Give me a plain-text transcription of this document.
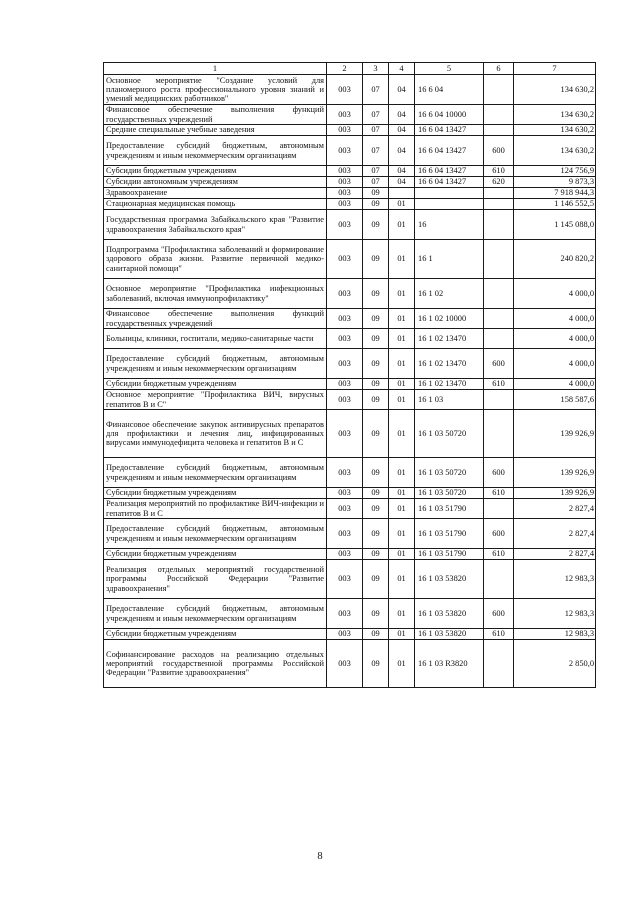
1	2	3	4	5	6	7
Основное мероприятие "Создание условий для планомерного роста профессионального уровня знаний и умений медицинских работников"	003	07	04	16 6 04		134 630,2
Финансовое обеспечение выполнения функций государственных учреждений	003	07	04	16 6 04 10000		134 630,2
Средние специальные учебные заведения	003	07	04	16 6 04 13427		134 630,2
Предоставление субсидий бюджетным, автономным учреждениям и иным некоммерческим организациям	003	07	04	16 6 04 13427	600	134 630,2
Субсидии бюджетным учреждениям	003	07	04	16 6 04 13427	610	124 756,9
Субсидии автономным учреждениям	003	07	04	16 6 04 13427	620	9 873,3
Здравоохранение	003	09				7 918 944,3
Стационарная медицинская помощь	003	09	01			1 146 552,5
Государственная программа Забайкальского края "Развитие здравоохранения Забайкальского края"	003	09	01	16		1 145 088,0
Подпрограмма "Профилактика заболеваний и формирование здорового образа жизни. Развитие первичной медико-санитарной помощи"	003	09	01	16 1		240 820,2
Основное мероприятие "Профилактика инфекционных заболеваний, включая иммунопрофилактику"	003	09	01	16 1 02		4 000,0
Финансовое обеспечение выполнения функций государственных учреждений	003	09	01	16 1 02 10000		4 000,0
Больницы, клиники, госпитали, медико-санитарные части	003	09	01	16 1 02 13470		4 000,0
Предоставление субсидий бюджетным, автономным учреждениям и иным некоммерческим организациям	003	09	01	16 1 02 13470	600	4 000,0
Субсидии бюджетным учреждениям	003	09	01	16 1 02 13470	610	4 000,0
Основное мероприятие "Профилактика ВИЧ, вирусных гепатитов В и С"	003	09	01	16 1 03		158 587,6
Финансовое обеспечение закупок антивирусных препаратов для профилактики и лечения лиц, инфицированных вирусами иммунодефицита человека и гепатитов В и С	003	09	01	16 1 03 50720		139 926,9
Предоставление субсидий бюджетным, автономным учреждениям и иным некоммерческим организациям	003	09	01	16 1 03 50720	600	139 926,9
Субсидии бюджетным учреждениям	003	09	01	16 1 03 50720	610	139 926,9
Реализация мероприятий по профилактике ВИЧ-инфекции и гепатитов В и С	003	09	01	16 1 03 51790		2 827,4
Предоставление субсидий бюджетным, автономным учреждениям и иным некоммерческим организациям	003	09	01	16 1 03 51790	600	2 827,4
Субсидии бюджетным учреждениям	003	09	01	16 1 03 51790	610	2 827,4
Реализация отдельных мероприятий государственной программы Российской Федерации "Развитие здравоохранения"	003	09	01	16 1 03 53820		12 983,3
Предоставление субсидий бюджетным, автономным учреждениям и иным некоммерческим организациям	003	09	01	16 1 03 53820	600	12 983,3
Субсидии бюджетным учреждениям	003	09	01	16 1 03 53820	610	12 983,3
Софинансирование расходов на реализацию отдельных мероприятий государственной программы Российской Федерации "Развитие здравоохранения"	003	09	01	16 1 03 R3820		2 850,0
8
